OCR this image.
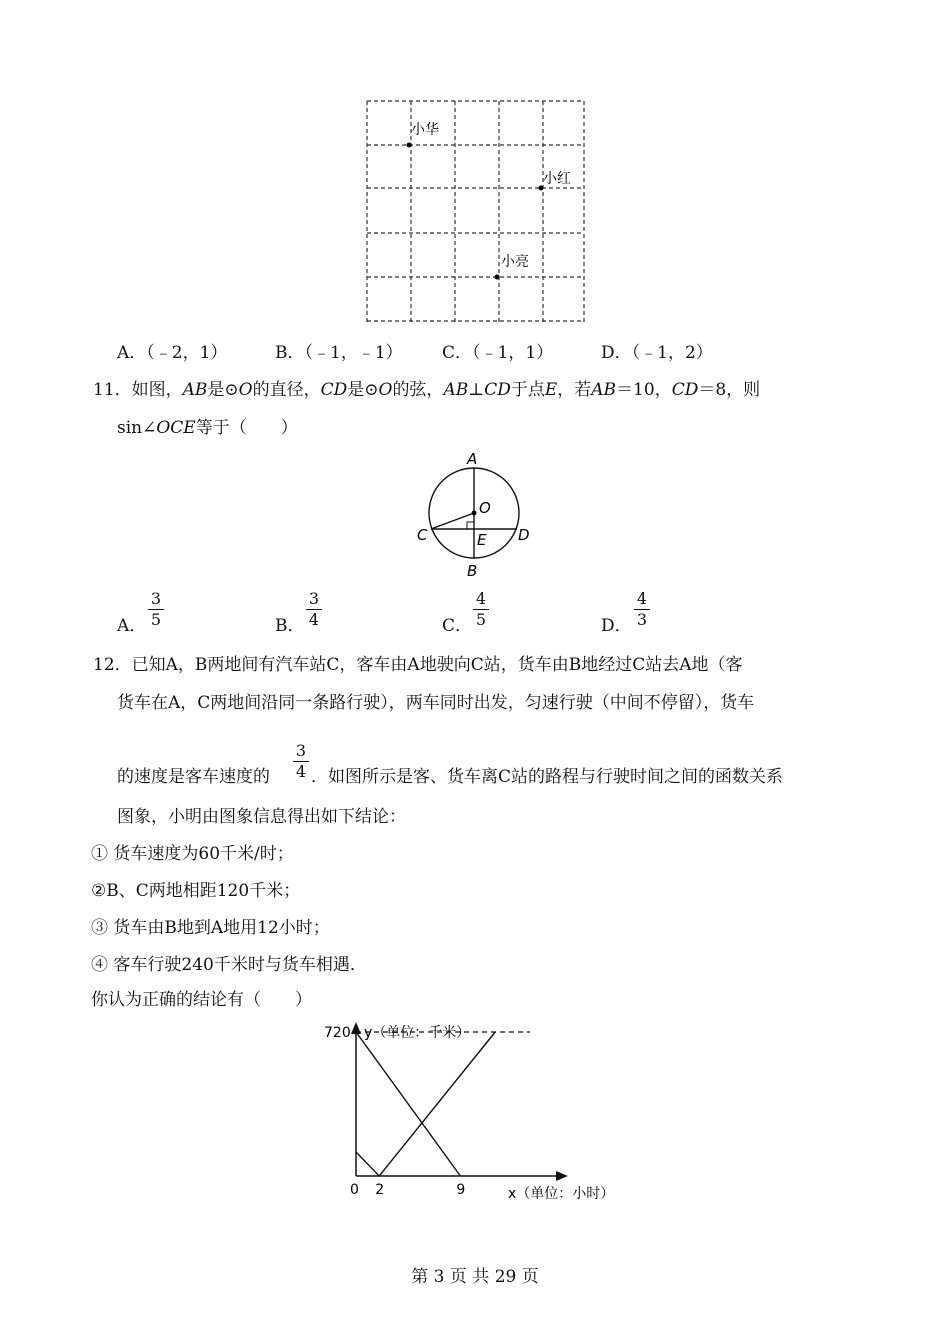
小华
小红
小亮
A．（﹣2，1）	B．（﹣1，﹣1） C．（﹣1，1）	D．（﹣1，2）
11．如图，AB是⊙O的直径，CD是⊙O的弦，AB⊥CD于点E，若AB＝10，CD＝8，则
sin∠OCE等于（　　）
A
O
C	D
E
B
A．
3
5	B．
3
4	C．
4
5	D．
4
3
12．已知A，B两地间有汽车站C，客车由A地驶向C站，货车由B地经过C站去A地（客
货车在A，C两地间沿同一条路行驶），两车同时出发，匀速行驶（中间不停留），货车
的速度是客车速度的
3
4 ．如图所示是客、货车离C站的路程与行驶时间之间的函数关系
图象，小明由图象信息得出如下结论：
① 货车速度为60千米/时；
②B、C两地相距120千米；
③ 货车由B地到A地用12小时；
④ 客车行驶240千米时与货车相遇．
你认为正确的结论有（　　）
y（单位：千米）
x（单位：小时）
0 2	9
720
第 3 页 共 29 页
